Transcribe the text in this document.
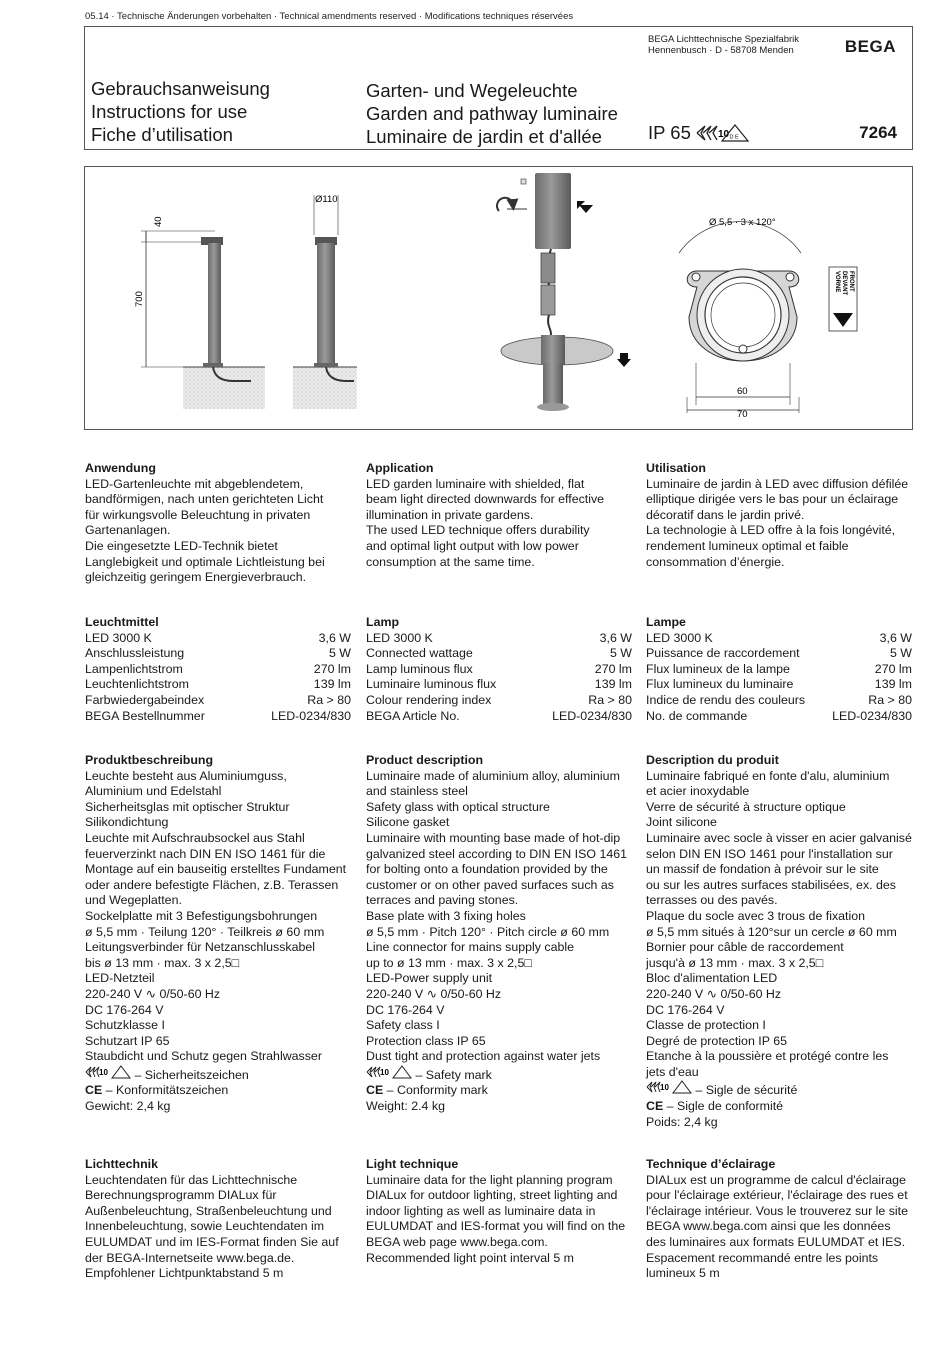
05.14 · Technische Änderungen vorbehalten · Technical amendments reserved · Modifications techniques réservées
BEGA Lichttechnische Spezialfabrik
Hennenbusch · D - 58708 Menden	BEGA
Gebrauchsanweisung
Instructions for use
Fiche d’utilisation
Garten- und Wegeleuchte
Garden and pathway luminaire
Luminaire de jardin et d'allée	IP 65	10 D E	7264
700
40
Ø110
Ø 5,5 · 3 x 120°
60
70
VORNE DEVANT FRONT
Anwendung
LED-Gartenleuchte mit abgeblendetem,
bandförmigen, nach unten gerichteten Licht
für wirkungsvolle Beleuchtung in privaten
Gartenanlagen.
Die eingesetzte LED-Technik bietet
Langlebigkeit und optimale Lichtleistung bei
gleichzeitig geringem Energieverbrauch.
Leuchtmittel
LED 3000 K	3,6 W
Anschlussleistung	5 W
Lampenlichtstrom	270 lm
Leuchtenlichtstrom	139 lm
Farbwiedergabeindex	Ra > 80
BEGA Bestellnummer	LED-0234/830
Produktbeschreibung
Leuchte besteht aus Aluminiumguss,
Aluminium und Edelstahl
Sicherheitsglas mit optischer Struktur
Silikondichtung
Leuchte mit Aufschraubsockel aus Stahl
feuerverzinkt nach DIN EN ISO 1461 für die
Montage auf ein bauseitig erstelltes Fundament
oder andere befestigte Flächen, z.B. Terassen
und Wegeplatten.
Sockelplatte mit 3 Befestigungsbohrungen
ø 5,5 mm · Teilung 120° · Teilkreis ø 60 mm
Leitungsverbinder für Netzanschlusskabel
bis ø 13 mm · max. 3 x 2,5□
LED-Netzteil
220-240 V ∿ 0/50-60 Hz
DC 176-264 V
Schutzklasse I
Schutzart IP 65
Staubdicht und Schutz gegen Strahlwasser
10 – Sicherheitszeichen
CE – Konformitätszeichen
Gewicht: 2,4 kg
Lichttechnik
Leuchtendaten für das Lichttechnische
Berechnungsprogramm DIALux für
Außenbeleuchtung, Straßenbeleuchtung und
Innenbeleuchtung, sowie Leuchtendaten im
EULUMDAT und im IES-Format finden Sie auf
der BEGA-Internetseite www.bega.de.
Empfohlener Lichtpunktabstand 5 m
Application
LED garden luminaire with shielded, flat
beam light directed downwards for effective
illumination in private gardens.
The used LED technique offers durability
and optimal light output with low power
consumption at the same time.
Lamp
LED 3000 K	3,6 W
Connected wattage	5 W
Lamp luminous flux	270 lm
Luminaire luminous flux	139 lm
Colour rendering index	Ra > 80
BEGA Article No.	LED-0234/830
Product description
Luminaire made of aluminium alloy, aluminium
and stainless steel
Safety glass with optical structure
Silicone gasket
Luminaire with mounting base made of hot-dip
galvanized steel according to DIN EN ISO 1461
for bolting onto a foundation provided by the
customer or on other paved surfaces such as
terraces and paving stones.
Base plate with 3 fixing holes
ø 5,5 mm · Pitch 120° · Pitch circle ø 60 mm
Line connector for mains supply cable
up to ø 13 mm · max. 3 x 2,5□
LED-Power supply unit
220-240 V ∿ 0/50-60 Hz
DC 176-264 V
Safety class I
Protection class IP 65
Dust tight and protection against water jets
10 – Safety mark
CE – Conformity mark
Weight: 2.4 kg
Light technique
Luminaire data for the light planning program
DIALux for outdoor lighting, street lighting and
indoor lighting as well as luminaire data in
EULUMDAT and IES-format you will find on the
BEGA web page www.bega.com.
Recommended light point interval 5 m
Utilisation
Luminaire de jardin à LED avec diffusion défilée
elliptique dirigée vers le bas pour un éclairage
décoratif dans le jardin privé.
La technologie à LED offre à la fois longévité,
rendement lumineux optimal et faible
consommation d’énergie.
Lampe
LED 3000 K	3,6 W
Puissance de raccordement	5 W
Flux lumineux de la lampe	270 lm
Flux lumineux du luminaire	139 lm
Indice de rendu des couleurs	Ra > 80
No. de commande	LED-0234/830
Description du produit
Luminaire fabriqué en fonte d'alu, aluminium
et acier inoxydable
Verre de sécurité à structure optique
Joint silicone
Luminaire avec socle à visser en acier galvanisé
selon DIN EN ISO 1461 pour l'installation sur
un massif de fondation à prévoir sur le site
ou sur les autres surfaces stabilisées, ex. des
terrasses ou des pavés.
Plaque du socle avec 3 trous de fixation
ø 5,5 mm situés à 120°sur un cercle ø 60 mm
Bornier pour câble de raccordement
jusqu'à ø 13 mm · max. 3 x 2,5□
Bloc d'alimentation LED
220-240 V ∿ 0/50-60 Hz
DC 176-264 V
Classe de protection I
Degré de protection IP 65
Etanche à la poussière et protégé contre les
jets d'eau
10 – Sigle de sécurité
CE – Sigle de conformité
Poids: 2,4 kg
Technique d’éclairage
DIALux est un programme de calcul d'éclairage
pour l'éclairage extérieur, l'éclairage des rues et
l'éclairage intérieur. Vous le trouverez sur le site
BEGA www.bega.com ainsi que les données
des luminaires aux formats EULUMDAT et IES.
Espacement recommandé entre les points
lumineux 5 m
